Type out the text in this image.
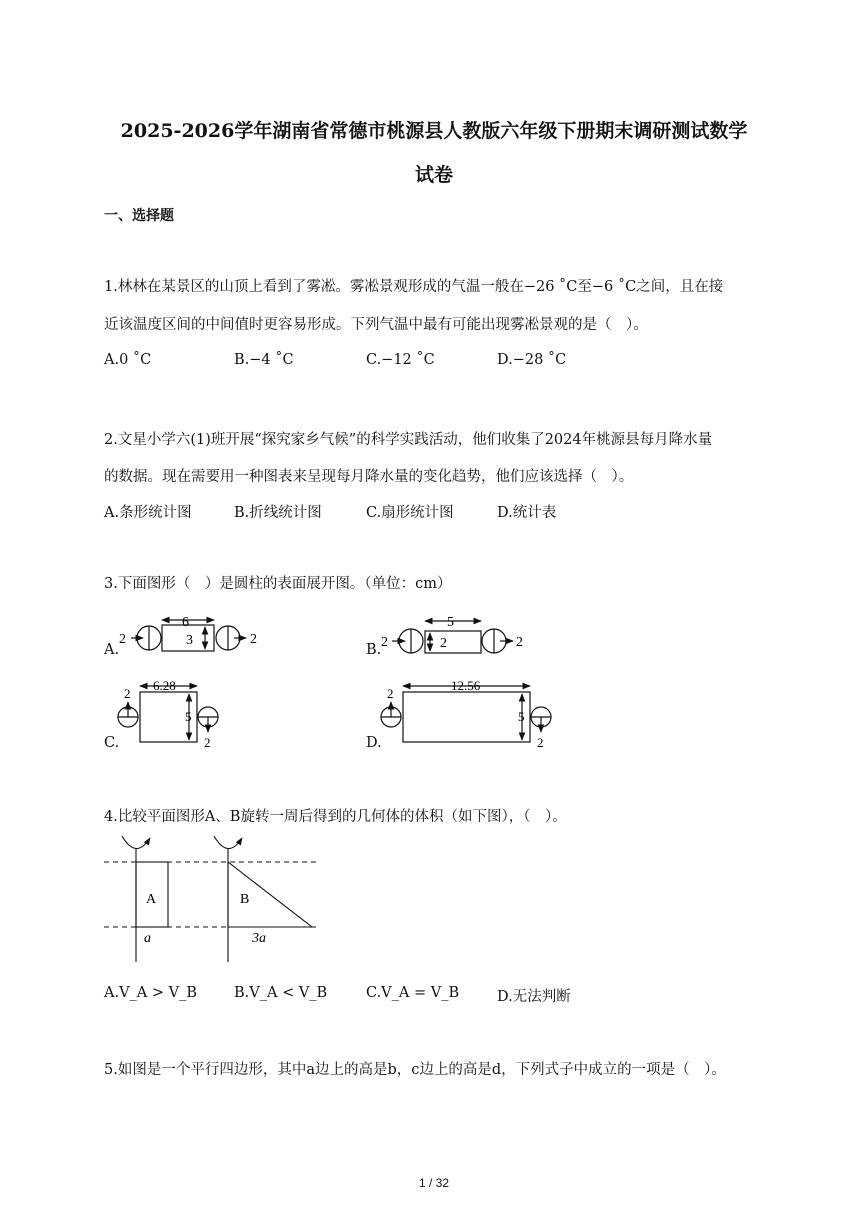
2025-2026学年湖南省常德市桃源县人教版六年级下册期末调研测试数学
试卷
一、选择题
1.林林在某景区的山顶上看到了雾凇。雾凇景观形成的气温一般在−26 ˚C至−6 ˚C之间，且在接
近该温度区间的中间值时更容易形成。下列气温中最有可能出现雾凇景观的是（　）。
A.0 ˚C	B.−4 ˚C	C.−12 ˚C	D.−28 ˚C
2.文星小学六(1)班开展“探究家乡气候”的科学实践活动，他们收集了2024年桃源县每月降水量
的数据。现在需要用一种图表来呈现每月降水量的变化趋势，他们应该选择（　）。
A.条形统计图	B.折线统计图	C.扇形统计图	D.统计表
3.下面图形（　）是圆柱的表面展开图。（单位：cm）
A.
6
3
2	2
5
2
2	2
6.28
5
2
2
12.56
5
2
2
A	B
a	3a
B.
C.	D.
4.比较平面图形A、B旋转一周后得到的几何体的体积（如下图），（　）。
A.V_A > V_B	B.V_A < V_B	C.V_A = V_B	D.无法判断
5.如图是一个平行四边形，其中a边上的高是b，c边上的高是d，下列式子中成立的一项是（　）。
1 / 32
